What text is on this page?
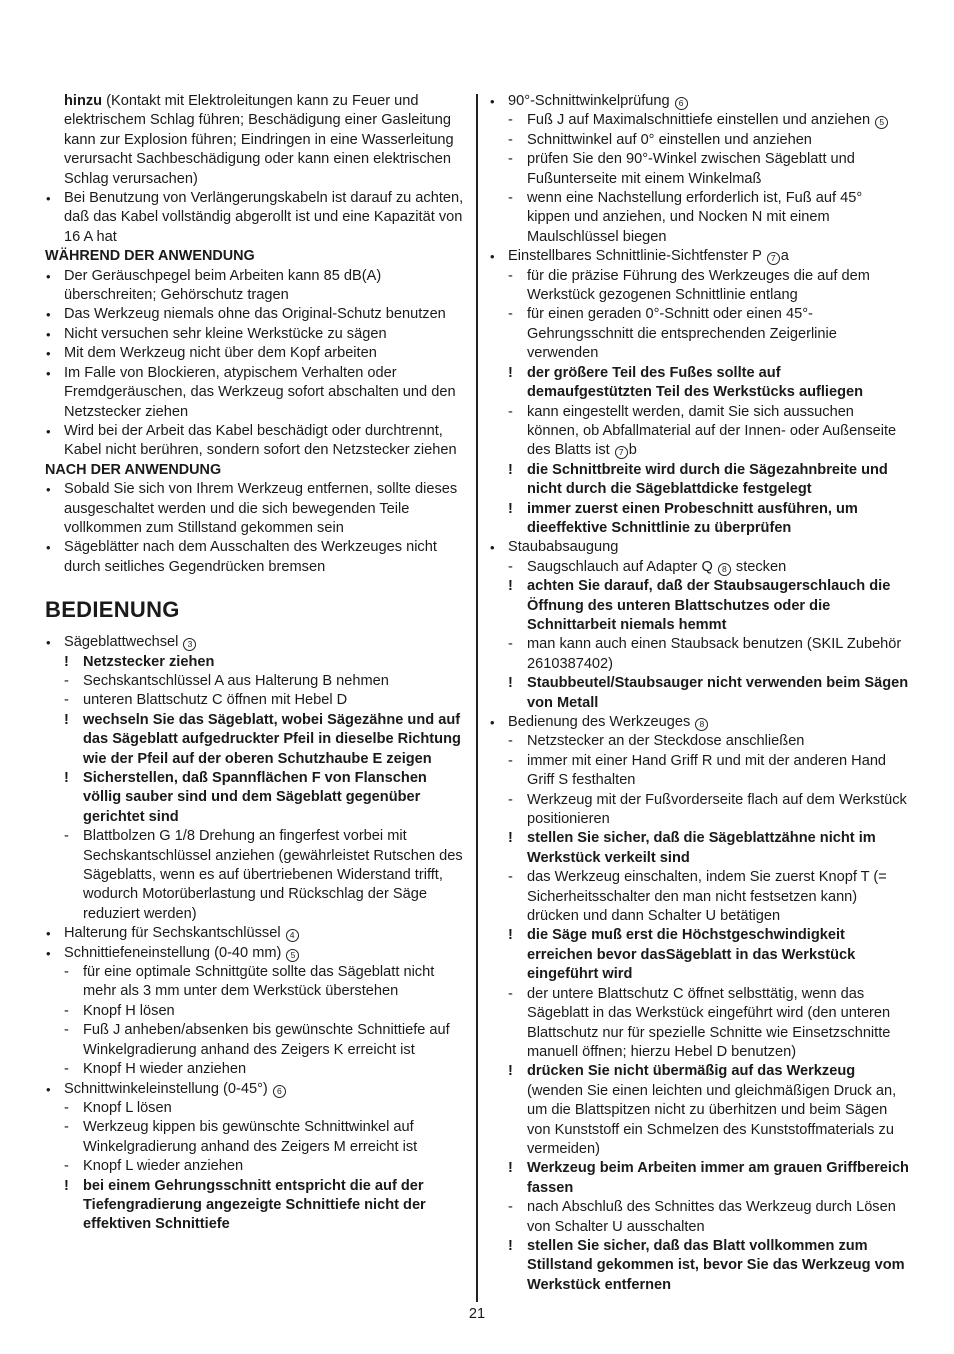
hinzu (Kontakt mit Elektroleitungen kann zu Feuer und elektrischem Schlag führen; Beschädigung einer Gasleitung kann zur Explosion führen; Eindringen in eine Wasserleitung verursacht Sachbeschädigung oder kann einen elektrischen Schlag verursachen)
• Bei Benutzung von Verlängerungskabeln ist darauf zu achten, daß das Kabel vollständig abgerollt ist und eine Kapazität von 16 A hat
WÄHREND DER ANWENDUNG
• Der Geräuschpegel beim Arbeiten kann 85 dB(A) überschreiten; Gehörschutz tragen
• Das Werkzeug niemals ohne das Original-Schutz benutzen
• Nicht versuchen sehr kleine Werkstücke zu sägen
• Mit dem Werkzeug nicht über dem Kopf arbeiten
• Im Falle von Blockieren, atypischem Verhalten oder Fremdgeräuschen, das Werkzeug sofort abschalten und den Netzstecker ziehen
• Wird bei der Arbeit das Kabel beschädigt oder durchtrennt, Kabel nicht berühren, sondern sofort den Netzstecker ziehen
NACH DER ANWENDUNG
• Sobald Sie sich von Ihrem Werkzeug entfernen, sollte dieses ausgeschaltet werden und die sich bewegenden Teile vollkommen zum Stillstand gekommen sein
• Sägeblätter nach dem Ausschalten des Werkzeuges nicht durch seitliches Gegendrücken bremsen
BEDIENUNG
• Sägeblattwechsel 3
! Netzstecker ziehen
- Sechskantschlüssel A aus Halterung B nehmen
- unteren Blattschutz C öffnen mit Hebel D
! wechseln Sie das Sägeblatt, wobei Sägezähne und auf das Sägeblatt aufgedruckter Pfeil in dieselbe Richtung wie der Pfeil auf der oberen Schutzhaube E zeigen
! Sicherstellen, daß Spannflächen F von Flanschen völlig sauber sind und dem Sägeblatt gegenüber gerichtet sind
- Blattbolzen G 1/8 Drehung an fingerfest vorbei mit Sechskantschlüssel anziehen (gewährleistet Rutschen des Sägeblatts, wenn es auf übertriebenen Widerstand trifft, wodurch Motorüberlastung und Rückschlag der Säge reduziert werden)
• Halterung für Sechskantschlüssel 4
• Schnittiefeneinstellung (0-40 mm) 5
- für eine optimale Schnittgüte sollte das Sägeblatt nicht mehr als 3 mm unter dem Werkstück überstehen
- Knopf H lösen
- Fuß J anheben/absenken bis gewünschte Schnittiefe auf Winkelgradierung anhand des Zeigers K erreicht ist
- Knopf H wieder anziehen
• Schnittwinkeleinstellung (0-45°) 6
- Knopf L lösen
- Werkzeug kippen bis gewünschte Schnittwinkel auf Winkelgradierung anhand des Zeigers M erreicht ist
- Knopf L wieder anziehen
! bei einem Gehrungsschnitt entspricht die auf der Tiefengradierung angezeigte Schnittiefe nicht der effektiven Schnittiefe
• 90°-Schnittwinkelprüfung 6
- Fuß J auf Maximalschnittiefe einstellen und anziehen 5
- Schnittwinkel auf 0° einstellen und anziehen
- prüfen Sie den 90°-Winkel zwischen Sägeblatt und Fußunterseite mit einem Winkelmaß
- wenn eine Nachstellung erforderlich ist, Fuß auf 45° kippen und anziehen, und Nocken N mit einem Maulschlüssel biegen
• Einstellbares Schnittlinie-Sichtfenster P 7 a
- für die präzise Führung des Werkzeuges die auf dem Werkstück gezogenen Schnittlinie entlang
- für einen geraden 0°-Schnitt oder einen 45°-Gehrungsschnitt die entsprechenden Zeigerlinie verwenden
! der größere Teil des Fußes sollte auf demaufgestützten Teil des Werkstücks aufliegen
- kann eingestellt werden, damit Sie sich aussuchen können, ob Abfallmaterial auf der Innen- oder Außenseite des Blatts ist 7 b
! die Schnittbreite wird durch die Sägezahnbreite und nicht durch die Sägeblattdicke festgelegt
! immer zuerst einen Probeschnitt ausführen, um dieeffektive Schnittlinie zu überprüfen
• Staubabsaugung
- Saugschlauch auf Adapter Q 8 stecken
! achten Sie darauf, daß der Staubsaugerschlauch die Öffnung des unteren Blattschutzes oder die Schnittarbeit niemals hemmt
- man kann auch einen Staubsack benutzen (SKIL Zubehör 2610387402)
! Staubbeutel/Staubsauger nicht verwenden beim Sägen von Metall
• Bedienung des Werkzeuges 8
- Netzstecker an der Steckdose anschließen
- immer mit einer Hand Griff R und mit der anderen Hand Griff S festhalten
- Werkzeug mit der Fußvorderseite flach auf dem Werkstück positionieren
! stellen Sie sicher, daß die Sägeblattzähne nicht im Werkstück verkeilt sind
- das Werkzeug einschalten, indem Sie zuerst Knopf T (= Sicherheitsschalter den man nicht festsetzen kann) drücken und dann Schalter U betätigen
! die Säge muß erst die Höchstgeschwindigkeit erreichen bevor dasSägeblatt in das Werkstück eingeführt wird
- der untere Blattschutz C öffnet selbsttätig, wenn das Sägeblatt in das Werkstück eingeführt wird (den unteren Blattschutz nur für spezielle Schnitte wie Einsetzschnitte manuell öffnen; hierzu Hebel D benutzen)
! drücken Sie nicht übermäßig auf das Werkzeug (wenden Sie einen leichten und gleichmäßigen Druck an, um die Blattspitzen nicht zu überhitzen und beim Sägen von Kunststoff ein Schmelzen des Kunststoffmaterials zu vermeiden)
! Werkzeug beim Arbeiten immer am grauen Griffbereich fassen
- nach Abschluß des Schnittes das Werkzeug durch Lösen von Schalter U ausschalten
! stellen Sie sicher, daß das Blatt vollkommen zum Stillstand gekommen ist, bevor Sie das Werkzeug vom Werkstück entfernen
21
